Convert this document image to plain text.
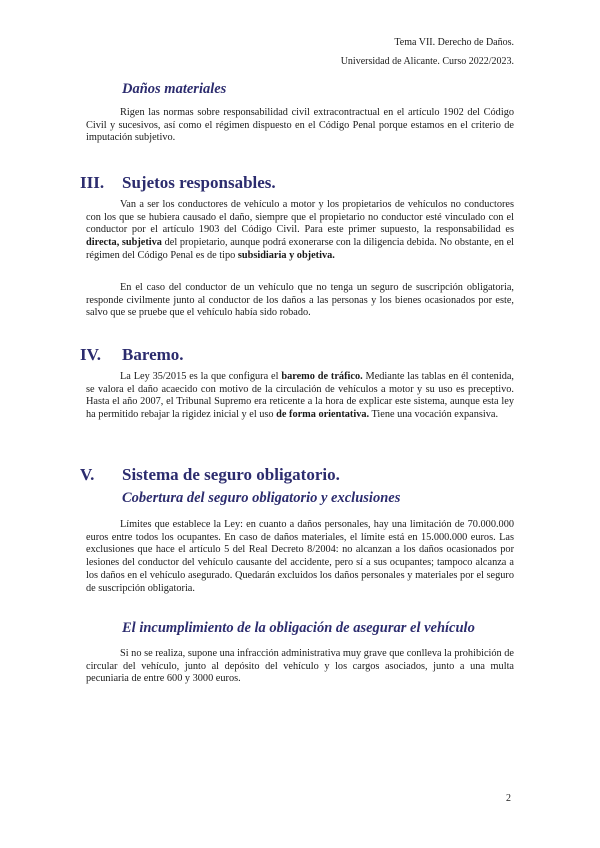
Tema VII. Derecho de Daños.
Universidad de Alicante. Curso 2022/2023.
Daños materiales

Rigen las normas sobre responsabilidad civil extracontractual en el artículo 1902 del Código Civil y sucesivos, así como el régimen dispuesto en el Código Penal porque estamos en el criterio de imputación subjetivo.

III. Sujetos responsables.

Van a ser los conductores de vehículo a motor y los propietarios de vehículos no conductores con los que se hubiera causado el daño, siempre que el propietario no conductor esté vinculado con el conductor por el artículo 1903 del Código Civil. Para este primer supuesto, la responsabilidad es directa, subjetiva del propietario, aunque podrá exonerarse con la diligencia debida. No obstante, en el régimen del Código Penal es de tipo subsidiaria y objetiva.

En el caso del conductor de un vehículo que no tenga un seguro de suscripción obligatoria, responde civilmente junto al conductor de los daños a las personas y los bienes ocasionados por este, salvo que se pruebe que el vehículo había sido robado.

IV. Baremo.

La Ley 35/2015 es la que configura el baremo de tráfico. Mediante las tablas en él contenida, se valora el daño acaecido con motivo de la circulación de vehículos a motor y su uso es preceptivo. Hasta el año 2007, el Tribunal Supremo era reticente a la hora de explicar este sistema, aunque esta ley ha permitido rebajar la rigidez inicial y el uso de forma orientativa. Tiene una vocación expansiva.

V. Sistema de seguro obligatorio.
Cobertura del seguro obligatorio y exclusiones

Límites que establece la Ley: en cuanto a daños personales, hay una limitación de 70.000.000 euros entre todos los ocupantes. En caso de daños materiales, el límite está en 15.000.000 euros. Las exclusiones que hace el artículo 5 del Real Decreto 8/2004: no alcanzan a los daños ocasionados por lesiones del conductor del vehículo causante del accidente, pero sí a sus ocupantes; tampoco alcanza a los daños en el vehículo asegurado. Quedarán excluidos los daños personales y materiales por el seguro de suscripción obligatoria.

El incumplimiento de la obligación de asegurar el vehículo

Si no se realiza, supone una infracción administrativa muy grave que conlleva la prohibición de circular del vehículo, junto al depósito del vehículo y los cargos asociados, junto a una multa pecuniaria de entre 600 y 3000 euros.

2
